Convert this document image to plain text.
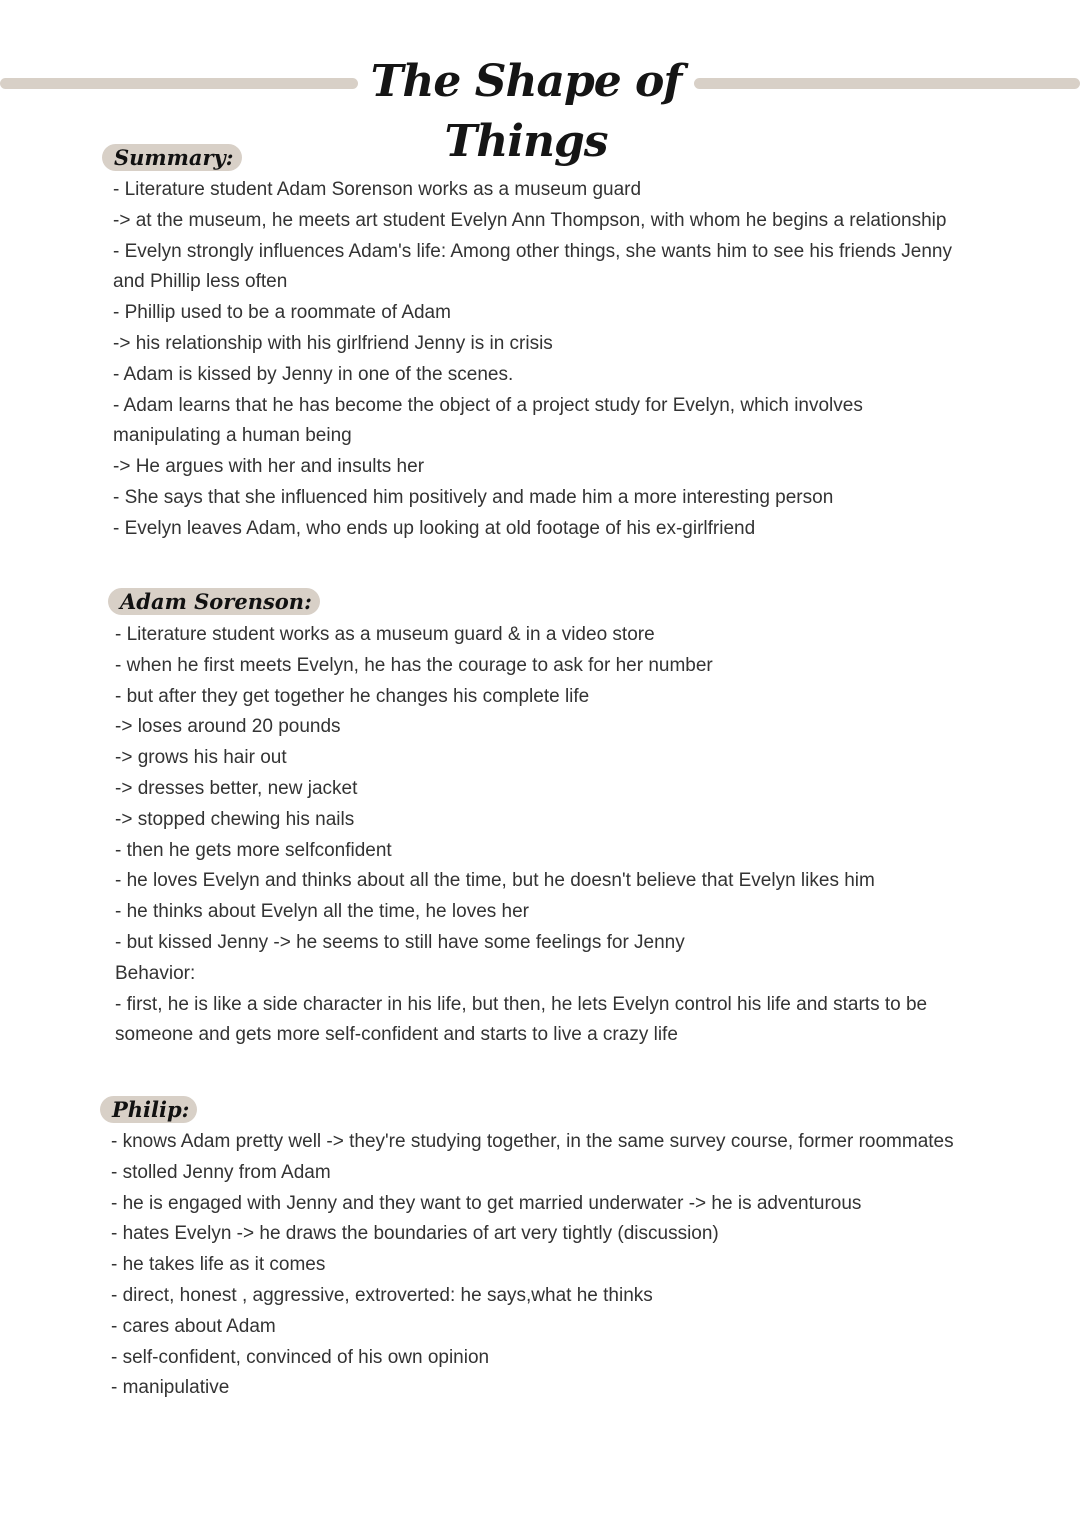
The Shape of Things
Summary:
- Literature student Adam Sorenson works as a museum guard
-> at the museum, he meets art student Evelyn Ann Thompson, with whom he begins a relationship
- Evelyn strongly influences Adam's life: Among other things, she wants him to see his friends Jenny
and Phillip less often
- Phillip used to be a roommate of Adam
-> his relationship with his girlfriend Jenny is in crisis
- Adam is kissed by Jenny in one of the scenes.
- Adam learns that he has become the object of a project study for Evelyn, which involves
manipulating a human being
-> He argues with her and insults her
- She says that she influenced him positively and made him a more interesting person
- Evelyn leaves Adam, who ends up looking at old footage of his ex-girlfriend
Adam Sorenson:
- Literature student works as a museum guard & in a video store
- when he first meets Evelyn, he has the courage to ask for her number
- but after they get together he changes his complete life
-> loses around 20 pounds
-> grows his hair out
-> dresses better, new jacket
-> stopped chewing his nails
- then he gets more selfconfident
- he loves Evelyn and thinks about all the time, but he doesn't believe that Evelyn likes him
- he thinks about Evelyn all the time, he loves her
- but kissed Jenny -> he seems to still have some feelings for Jenny
Behavior:
- first, he is like a side character in his life, but then, he lets Evelyn control his life and starts to be
someone and gets more self-confident and starts to live a crazy life
Philip:
- knows Adam pretty well -> they're studying together, in the same survey course, former roommates
- stolled Jenny from Adam
- he is engaged with Jenny and they want to get married underwater -> he is adventurous
- hates Evelyn -> he draws the boundaries of art very tightly (discussion)
- he takes life as it comes
- direct, honest , aggressive, extroverted: he says,what he thinks
- cares about Adam
- self-confident, convinced of his own opinion
- manipulative
